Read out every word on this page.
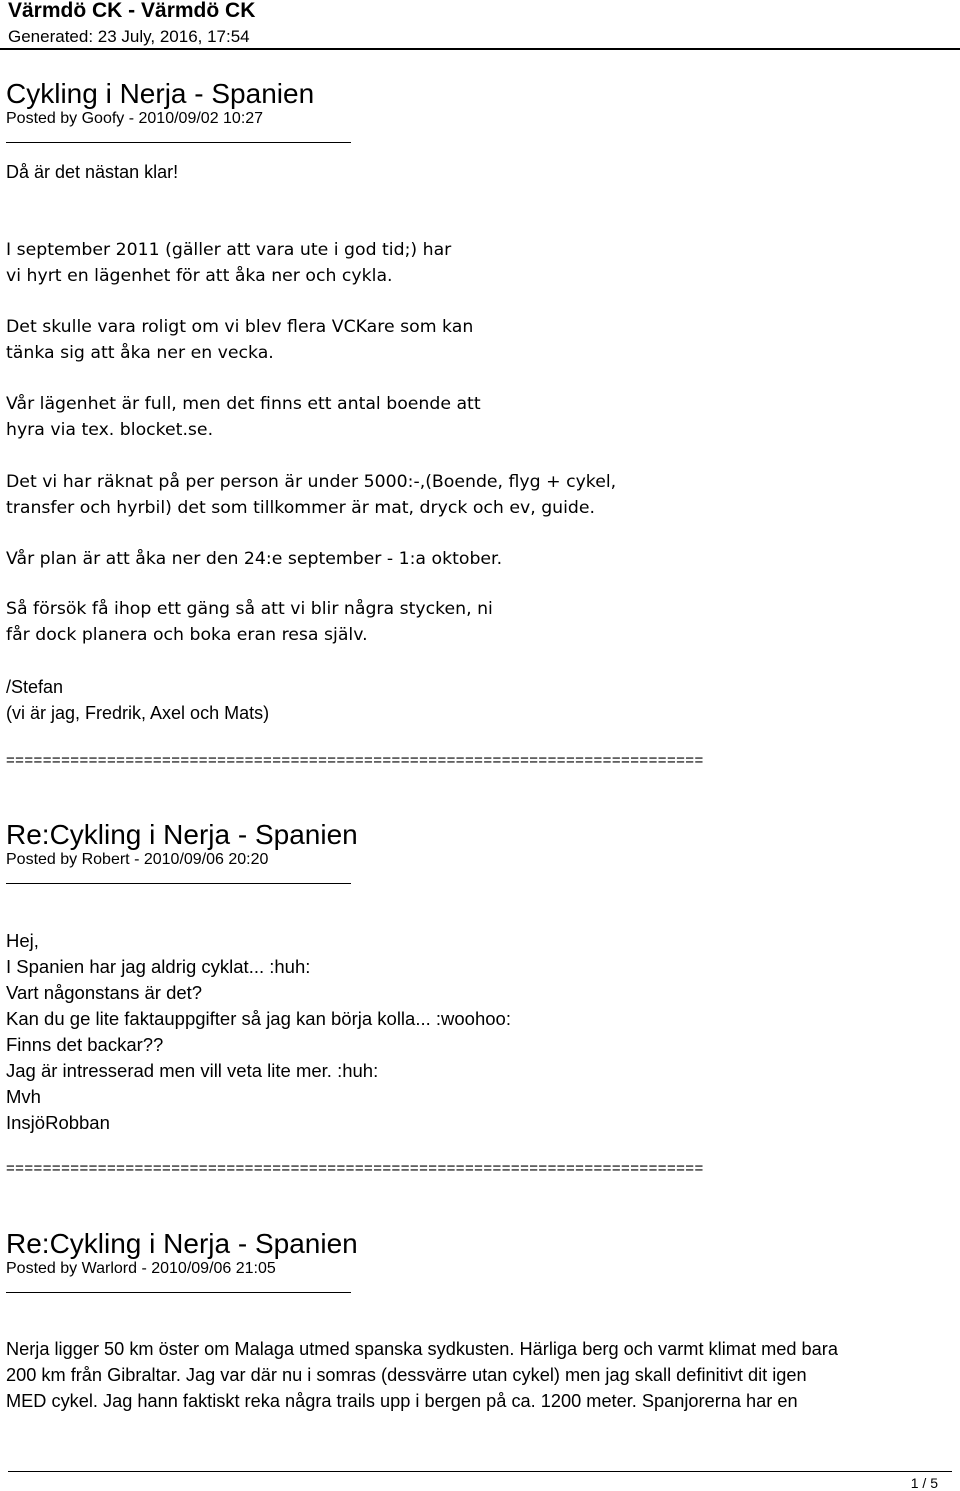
Värmdö CK - Värmdö CK
Generated: 23 July, 2016, 17:54
Cykling i Nerja - Spanien
Posted by Goofy - 2010/09/02 10:27
Då är det nästan klar!
I september 2011 (gäller att vara ute i god tid;) har
vi hyrt en lägenhet för att åka ner och cykla.
Det skulle vara roligt om vi blev flera VCKare som kan
tänka sig att åka ner en vecka.
Vår lägenhet är full, men det finns ett antal boende att
hyra via tex. blocket.se.
Det vi har räknat på per person är under 5000:-,(Boende, flyg + cykel,
transfer och hyrbil) det som tillkommer är mat, dryck och ev, guide.
Vår plan är att åka ner den 24:e september - 1:a oktober.
Så försök få ihop ett gäng så att vi blir några stycken, ni
får dock planera och boka eran resa själv.
/Stefan
(vi är jag, Fredrik, Axel och Mats)
============================================================================
Re:Cykling i Nerja - Spanien
Posted by Robert - 2010/09/06 20:20
Hej,
I Spanien har jag aldrig cyklat... :huh:
Vart någonstans är det?
Kan du ge lite faktauppgifter så jag kan börja kolla... :woohoo:
Finns det backar??
Jag är intresserad men vill veta lite mer. :huh:
Mvh
InsjöRobban
============================================================================
Re:Cykling i Nerja - Spanien
Posted by Warlord - 2010/09/06 21:05
Nerja ligger 50 km öster om Malaga utmed spanska sydkusten. Härliga berg och varmt klimat med bara
200 km från Gibraltar. Jag var där nu i somras (dessvärre utan cykel) men jag skall definitivt dit igen
MED cykel. Jag hann faktiskt reka några trails upp i bergen på ca. 1200 meter. Spanjorerna har en
1 / 5
